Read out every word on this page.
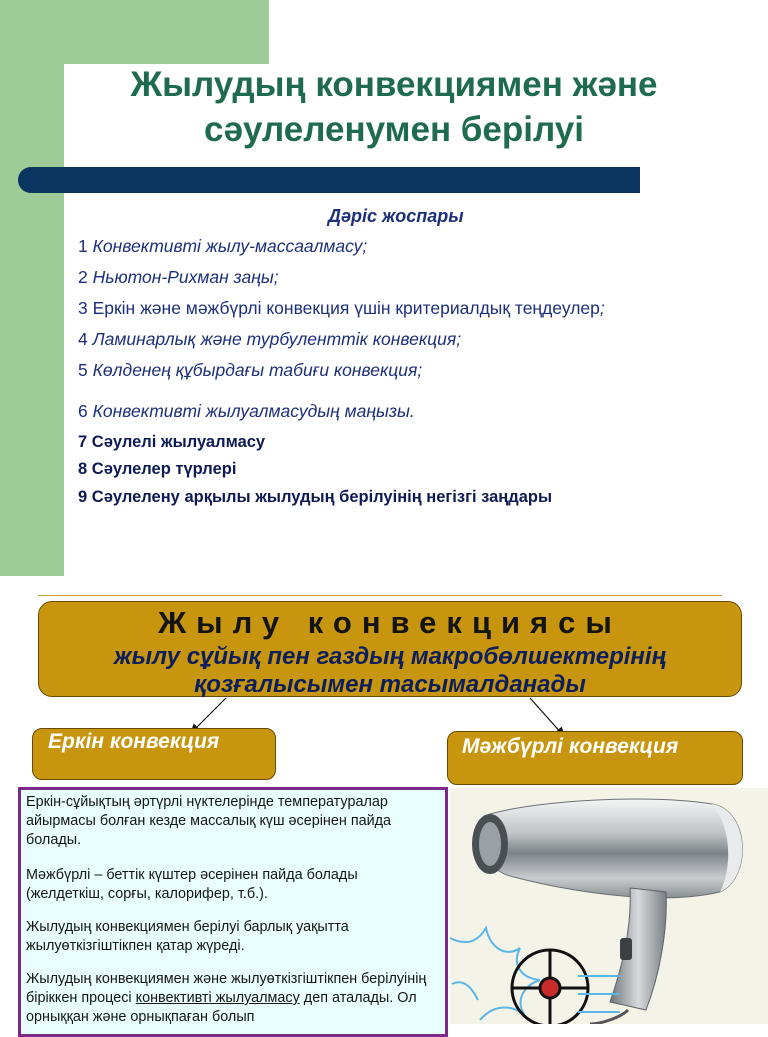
Жылудың конвекциямен және
сәулеленумен берілуі
Дәріс жоспары
1 Конвективті жылу-массаалмасу;
2 Ньютон-Рихман заңы;
3 Еркін және мәжбүрлі конвекция үшін критериалдық теңдеулер;
4 Ламинарлық және турбуленттік конвекция;
5 Көлденең құбырдағы табиғи конвекция;
6 Конвективті жылуалмасудың маңызы.
7 Сәулелі жылуалмасу
8 Сәулелер түрлері
9 Сәулелену арқылы жылудың берілуінің негізгі заңдары
Жылу конвекциясы
жылу сұйық пен газдың макробөлшектерінің
қозғалысымен тасымалданады
Еркін конвекция	Мәжбүрлі конвекция
Еркін-сұйықтың әртүрлі нүктелерінде температуралар айырмасы болған кезде массалық күш әсерінен пайда болады.
Мәжбүрлі – беттік күштер әсерінен пайда болады (желдеткіш, сорғы, калорифер, т.б.).
Жылудың конвекциямен берілуі барлық уақытта жылуөткізгіштікпен қатар жүреді.
Жылудың конвекциямен және жылуөткізгіштікпен берілуінің біріккен процесі конвективті жылуалмасу деп аталады. Ол орныққан және орнықпаған болып
